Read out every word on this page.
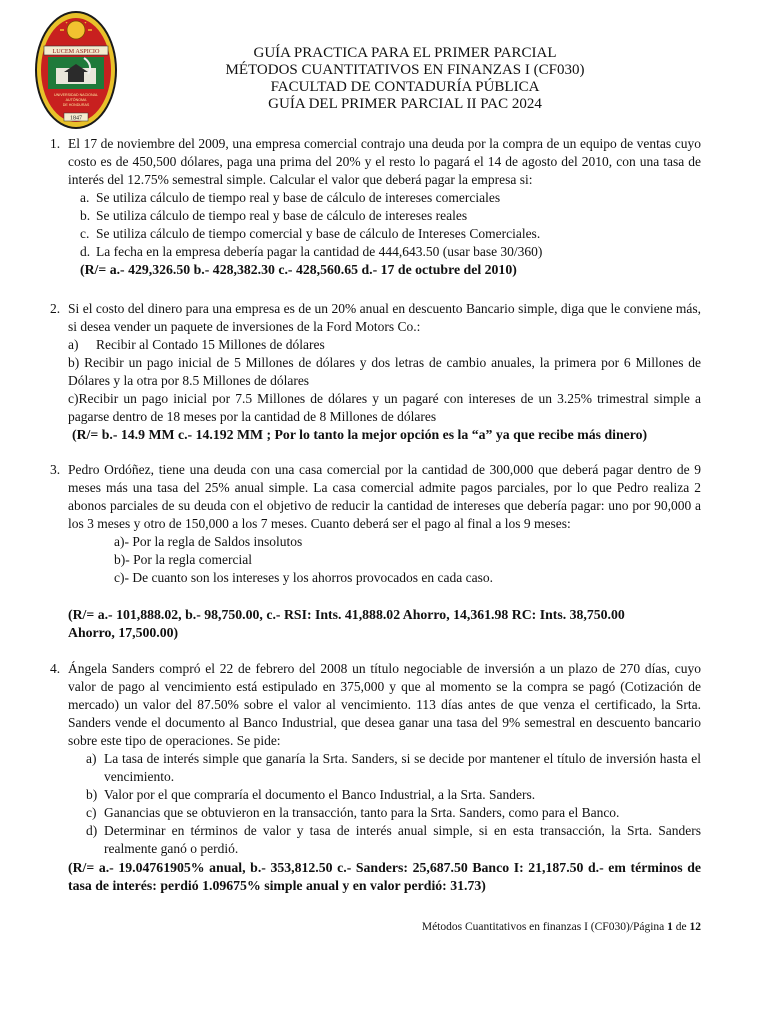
LUCEM ASPICIO
UNIVERSIDAD NACIONAL
AUTÓNOMA
DE HONDURAS
1847
GUÍA PRACTICA PARA EL PRIMER PARCIAL
MÉTODOS CUANTITATIVOS EN FINANZAS I (CF030)
FACULTAD DE CONTADURÍA PÚBLICA
GUÍA DEL PRIMER PARCIAL II PAC 2024
1. El 17 de noviembre del 2009, una empresa comercial contrajo una deuda por la compra de un equipo de ventas cuyo costo es de 450,500 dólares, paga una prima del 20% y el resto lo pagará el 14 de agosto del 2010, con una tasa de interés del 12.75% semestral simple. Calcular el valor que deberá pagar la empresa si:
a. Se utiliza cálculo de tiempo real y base de cálculo de intereses comerciales
b. Se utiliza cálculo de tiempo real y base de cálculo de intereses reales
c. Se utiliza cálculo de tiempo comercial y base de cálculo de Intereses Comerciales.
d. La fecha en la empresa debería pagar la cantidad de 444,643.50 (usar base 30/360)
(R/= a.- 429,326.50 b.- 428,382.30 c.- 428,560.65 d.- 17 de octubre del 2010)
2. Si el costo del dinero para una empresa es de un 20% anual en descuento Bancario simple, diga que le conviene más, si desea vender un paquete de inversiones de la Ford Motors Co.:
a) Recibir al Contado 15 Millones de dólares
b) Recibir un pago inicial de 5 Millones de dólares y dos letras de cambio anuales, la primera por 6 Millones de Dólares y la otra por 8.5 Millones de dólares
c)Recibir un pago inicial por 7.5 Millones de dólares y un pagaré con intereses de un 3.25% trimestral simple a pagarse dentro de 18 meses por la cantidad de 8 Millones de dólares
(R/= b.- 14.9 MM c.- 14.192 MM ; Por lo tanto la mejor opción es la “a” ya que recibe más dinero)
3. Pedro Ordóñez, tiene una deuda con una casa comercial por la cantidad de 300,000 que deberá pagar dentro de 9 meses más una tasa del 25% anual simple. La casa comercial admite pagos parciales, por lo que Pedro realiza 2 abonos parciales de su deuda con el objetivo de reducir la cantidad de intereses que debería pagar: uno por 90,000 a los 3 meses y otro de 150,000 a los 7 meses. Cuanto deberá ser el pago al final a los 9 meses:
a)- Por la regla de Saldos insolutos
b)- Por la regla comercial
c)- De cuanto son los intereses y los ahorros provocados en cada caso.
(R/= a.- 101,888.02, b.- 98,750.00, c.- RSI: Ints. 41,888.02 Ahorro, 14,361.98 RC: Ints. 38,750.00
Ahorro, 17,500.00)
4. Ángela Sanders compró el 22 de febrero del 2008 un título negociable de inversión a un plazo de 270 días, cuyo valor de pago al vencimiento está estipulado en 375,000 y que al momento se la compra se pagó (Cotización de mercado) un valor del 87.50% sobre el valor al vencimiento. 113 días antes de que venza el certificado, la Srta. Sanders vende el documento al Banco Industrial, que desea ganar una tasa del 9% semestral en descuento bancario sobre este tipo de operaciones. Se pide:
a) La tasa de interés simple que ganaría la Srta. Sanders, si se decide por mantener el título de inversión hasta el vencimiento.
b) Valor por el que compraría el documento el Banco Industrial, a la Srta. Sanders.
c) Ganancias que se obtuvieron en la transacción, tanto para la Srta. Sanders, como para el Banco.
d) Determinar en términos de valor y tasa de interés anual simple, si en esta transacción, la Srta. Sanders realmente ganó o perdió.
(R/= a.- 19.04761905% anual, b.- 353,812.50 c.- Sanders: 25,687.50 Banco I: 21,187.50 d.- em términos de tasa de interés: perdió 1.09675% simple anual y en valor perdió: 31.73)
Métodos Cuantitativos en finanzas I (CF030)/Página 1 de 12
